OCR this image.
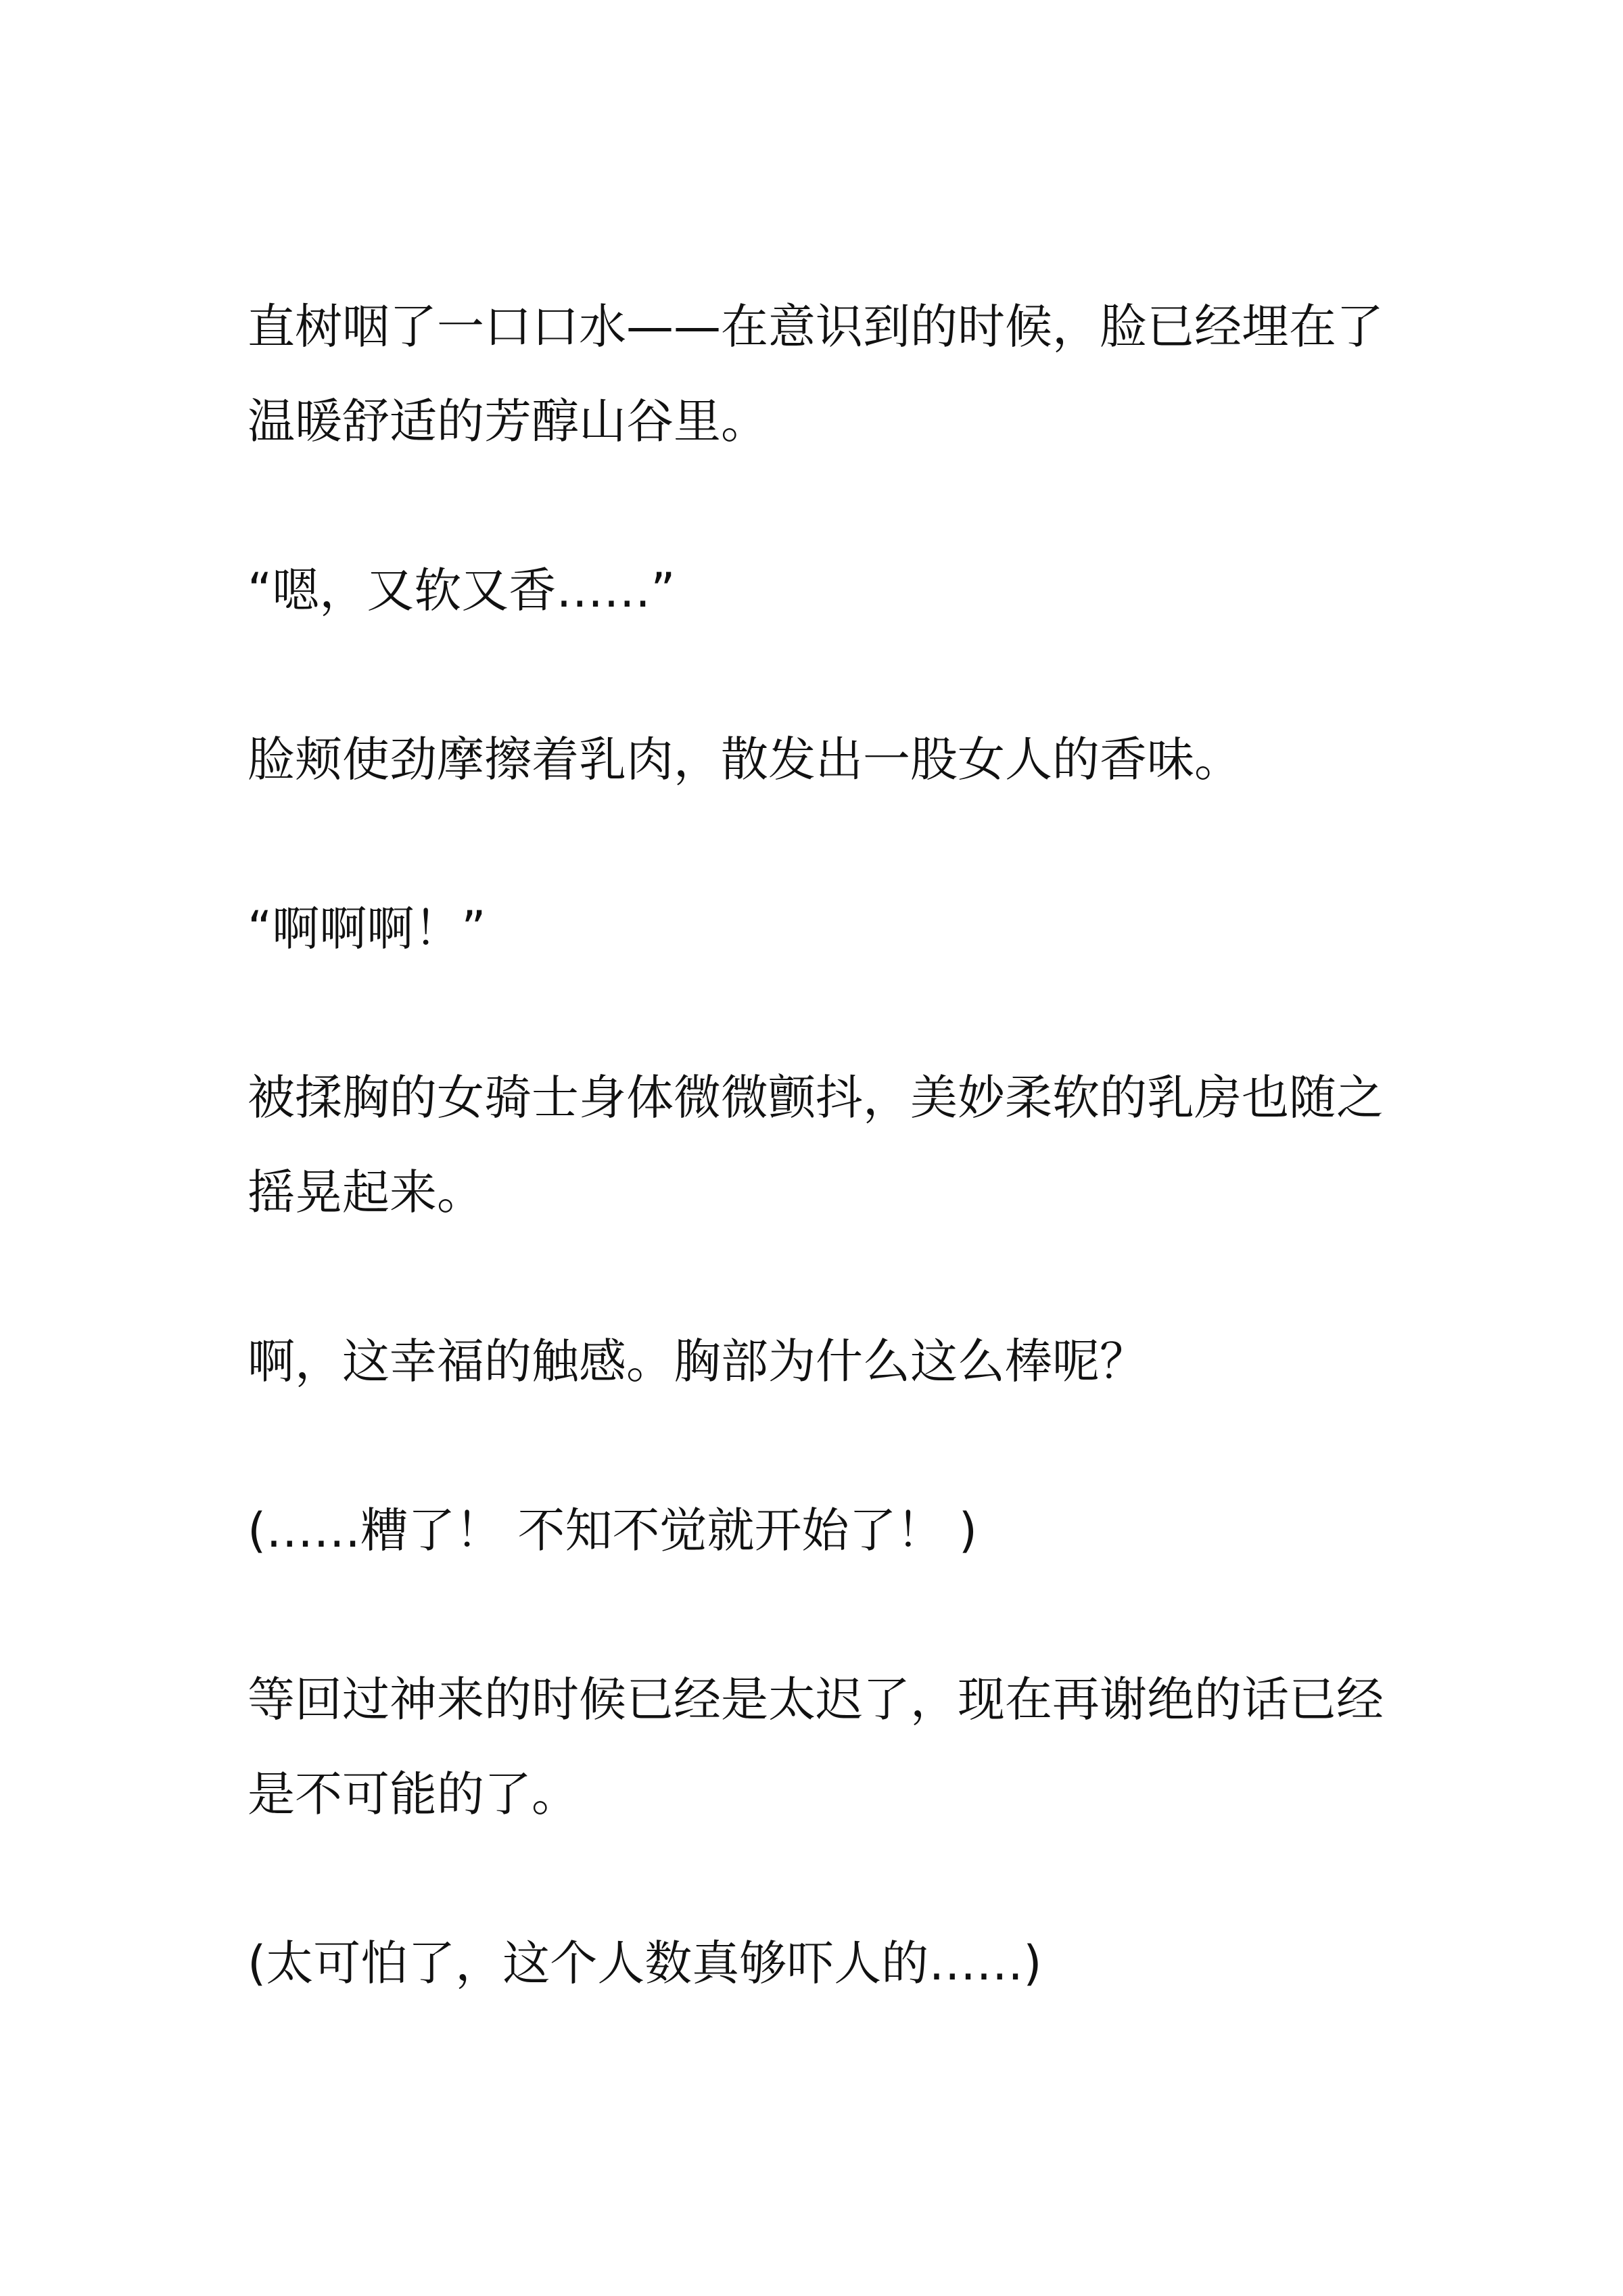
直树咽了一口口水——在意识到的时候，脸已经埋在了温暖舒适的芳醇山谷里。

“嗯，又软又香……”

脸颊使劲摩擦着乳肉，散发出一股女人的香味。

“啊啊啊！”

被揉胸的女骑士身体微微颤抖，美妙柔软的乳房也随之摇晃起来。

啊，这幸福的触感。胸部为什么这么棒呢？

(……糟了！ 不知不觉就开始了！ )

等回过神来的时候已经是太迟了，现在再谢绝的话已经是不可能的了。

(太可怕了，这个人数真够吓人的……)
